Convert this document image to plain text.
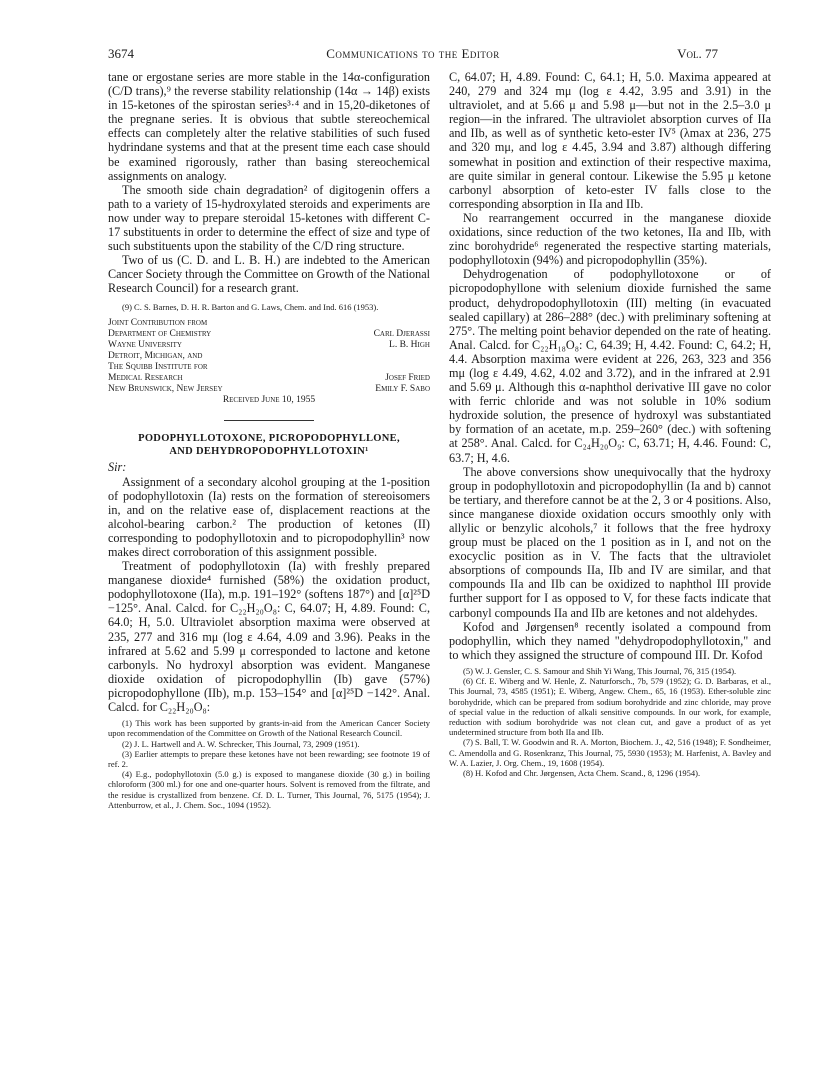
3674	Communications to the Editor	Vol. 77

tane or ergostane series are more stable in the 14α-configuration (C/D trans),⁹ the reverse stability relationship (14α → 14β) exists in 15-ketones of the spirostan series³·⁴ and in 15,20-diketones of the pregnane series. It is obvious that subtle stereochemical effects can completely alter the relative stabilities of such fused hydrindane systems and that at the present time each case should be examined rigorously, rather than basing stereochemical assignments on analogy.

The smooth side chain degradation² of digitogenin offers a path to a variety of 15-hydroxylated steroids and experiments are now under way to prepare steroidal 15-ketones with different C-17 substituents in order to determine the effect of size and type of such substituents upon the stability of the C/D ring structure.

Two of us (C. D. and L. B. H.) are indebted to the American Cancer Society through the Committee on Growth of the National Research Council) for a research grant.

(9) C. S. Barnes, D. H. R. Barton and G. Laws, Chem. and Ind. 616 (1953).

Joint Contribution from
Department of Chemistry	Carl Djerassi
Wayne University	L. B. High
Detroit, Michigan, and
The Squibb Institute for
Medical Research	Josef Fried
New Brunswick, New Jersey	Emily F. Sabo
Received June 10, 1955
PODOPHYLLOTOXONE, PICROPODOPHYLLONE,
AND DEHYDROPODOPHYLLOTOXIN¹
Sir:

Assignment of a secondary alcohol grouping at the 1-position of podophyllotoxin (Ia) rests on the formation of stereoisomers in, and on the relative ease of, displacement reactions at the alcohol-bearing carbon.² The production of ketones (II) corresponding to podophyllotoxin and to picropodophyllin³ now makes direct corroboration of this assignment possible.

Treatment of podophyllotoxin (Ia) with freshly prepared manganese dioxide⁴ furnished (58%) the oxidation product, podophyllotoxone (IIa), m.p. 191–192° (softens 187°) and [α]²⁵D −125°. Anal. Calcd. for C₂₂H₂₀O₈: C, 64.07; H, 4.89. Found: C, 64.0; H, 5.0. Ultraviolet absorption maxima were observed at 235, 277 and 316 mμ (log ε 4.64, 4.09 and 3.96). Peaks in the infrared at 5.62 and 5.99 μ corresponded to lactone and ketone carbonyls. No hydroxyl absorption was evident. Manganese dioxide oxidation of picropodophyllin (Ib) gave (57%) picropodophyllone (IIb), m.p. 153–154° and [α]²⁵D −142°. Anal. Calcd. for C₂₂H₂₀O₈:

(1) This work has been supported by grants-in-aid from the American Cancer Society upon recommendation of the Committee on Growth of the National Research Council.

(2) J. L. Hartwell and A. W. Schrecker, This Journal, 73, 2909 (1951).

(3) Earlier attempts to prepare these ketones have not been rewarding; see footnote 19 of ref. 2.

(4) E.g., podophyllotoxin (5.0 g.) is exposed to manganese dioxide (30 g.) in boiling chloroform (300 ml.) for one and one-quarter hours. Solvent is removed from the filtrate, and the residue is crystallized from benzene. Cf. D. L. Turner, This Journal, 76, 5175 (1954); J. Attenburrow, et al., J. Chem. Soc., 1094 (1952).

C, 64.07; H, 4.89. Found: C, 64.1; H, 5.0. Maxima appeared at 240, 279 and 324 mμ (log ε 4.42, 3.95 and 3.91) in the ultraviolet, and at 5.66 μ and 5.98 μ—but not in the 2.5–3.0 μ region—in the infrared. The ultraviolet absorption curves of IIa and IIb, as well as of synthetic keto-ester IV⁵ (λmax at 236, 275 and 320 mμ, and log ε 4.45, 3.94 and 3.87) although differing somewhat in position and extinction of their respective maxima, are quite similar in general contour. Likewise the 5.95 μ ketone carbonyl absorption of keto-ester IV falls close to the corresponding absorption in IIa and IIb.

No rearrangement occurred in the manganese dioxide oxidations, since reduction of the two ketones, IIa and IIb, with zinc borohydride⁶ regenerated the respective starting materials, podophyllotoxin (94%) and picropodophyllin (35%).

Dehydrogenation of podophyllotoxone or of picropodophyllone with selenium dioxide furnished the same product, dehydropodophyllotoxin (III) melting (in evacuated sealed capillary) at 286–288° (dec.) with preliminary softening at 275°. The melting point behavior depended on the rate of heating. Anal. Calcd. for C₂₂H₁₈O₈: C, 64.39; H, 4.42. Found: C, 64.2; H, 4.4. Absorption maxima were evident at 226, 263, 323 and 356 mμ (log ε 4.49, 4.62, 4.02 and 3.72), and in the infrared at 2.91 and 5.69 μ. Although this α-naphthol derivative III gave no color with ferric chloride and was not soluble in 10% sodium hydroxide solution, the presence of hydroxyl was substantiated by formation of an acetate, m.p. 259–260° (dec.) with softening at 258°. Anal. Calcd. for C₂₄H₂₀O₉: C, 63.71; H, 4.46. Found: C, 63.7; H, 4.6.

The above conversions show unequivocally that the hydroxy group in podophyllotoxin and picropodophyllin (Ia and b) cannot be tertiary, and therefore cannot be at the 2, 3 or 4 positions. Also, since manganese dioxide oxidation occurs smoothly only with allylic or benzylic alcohols,⁷ it follows that the free hydroxy group must be placed on the 1 position as in I, and not on the exocyclic position as in V. The facts that the ultraviolet absorptions of compounds IIa, IIb and IV are similar, and that compounds IIa and IIb can be oxidized to naphthol III provide further support for I as opposed to V, for these facts indicate that carbonyl compounds IIa and IIb are ketones and not aldehydes.

Kofod and Jørgensen⁸ recently isolated a compound from podophyllin, which they named "dehydropodophyllotoxin," and to which they assigned the structure of compound III. Dr. Kofod

(5) W. J. Gensler, C. S. Samour and Shih Yi Wang, This Journal, 76, 315 (1954).

(6) Cf. E. Wiberg and W. Henle, Z. Naturforsch., 7b, 579 (1952); G. D. Barbaras, et al., This Journal, 73, 4585 (1951); E. Wiberg, Angew. Chem., 65, 16 (1953). Ether-soluble zinc borohydride, which can be prepared from sodium borohydride and zinc chloride, may prove of special value in the reduction of alkali sensitive compounds. In our work, for example, reduction with sodium borohydride was not clean cut, and gave a product of as yet undetermined structure from both IIa and IIb.

(7) S. Ball, T. W. Goodwin and R. A. Morton, Biochem. J., 42, 516 (1948); F. Sondheimer, C. Amendolla and G. Rosenkranz, This Journal, 75, 5930 (1953); M. Harfenist, A. Bavley and W. A. Lazier, J. Org. Chem., 19, 1608 (1954).

(8) H. Kofod and Chr. Jørgensen, Acta Chem. Scand., 8, 1296 (1954).
